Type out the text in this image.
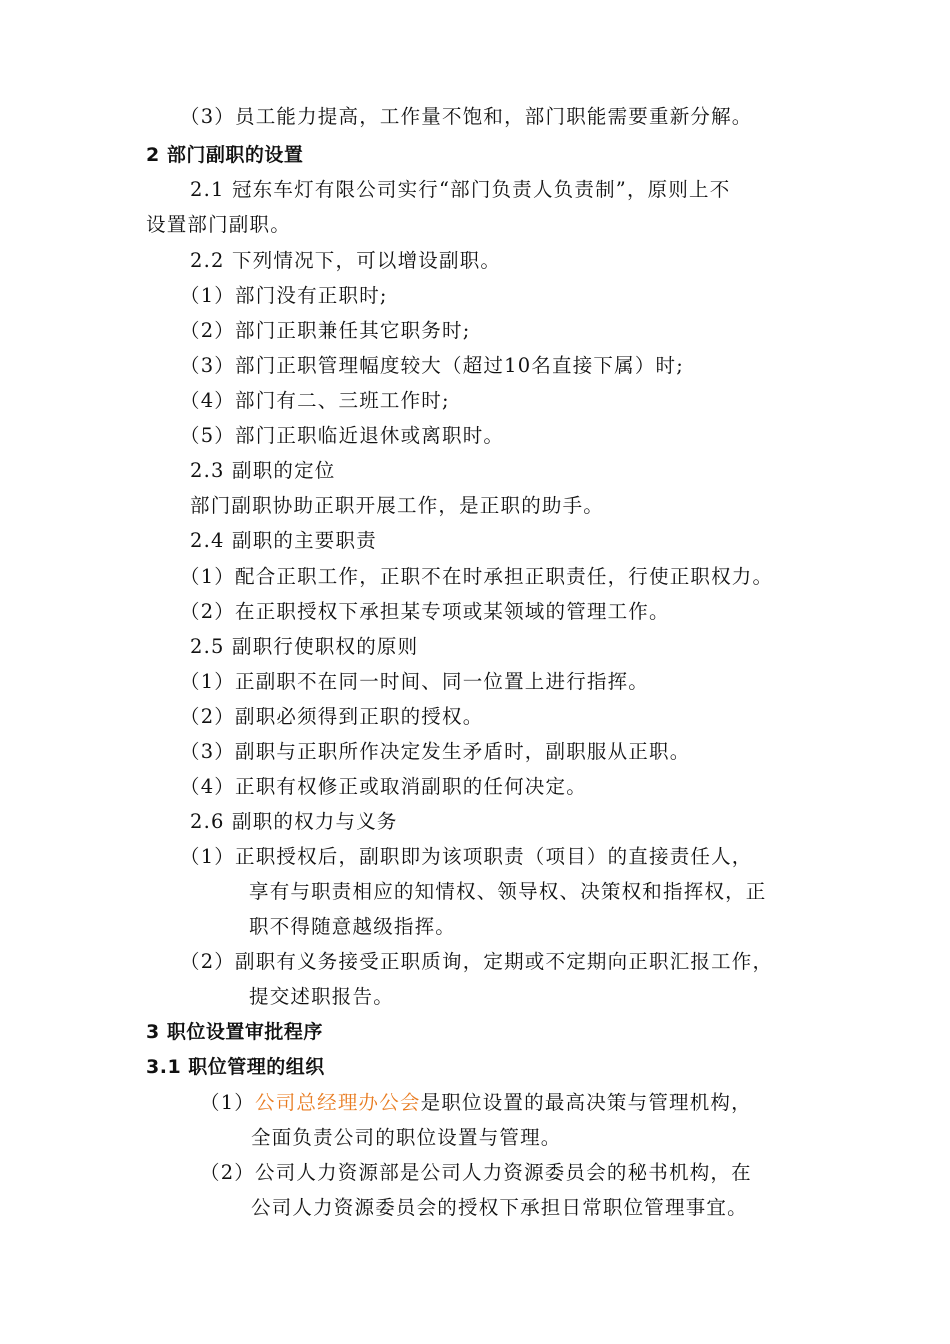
（3）员工能力提高，工作量不饱和，部门职能需要重新分解。
2 部门副职的设置
2.1 冠东车灯有限公司实行“部门负责人负责制”，原则上不
设置部门副职。
2.2 下列情况下，可以增设副职。
（1）部门没有正职时;
（2）部门正职兼任其它职务时;
（3）部门正职管理幅度较大（超过10名直接下属）时;
（4）部门有二、三班工作时;
（5）部门正职临近退休或离职时。
2.3 副职的定位
部门副职协助正职开展工作，是正职的助手。
2.4 副职的主要职责
（1）配合正职工作，正职不在时承担正职责任，行使正职权力。
（2）在正职授权下承担某专项或某领域的管理工作。
2.5 副职行使职权的原则
（1）正副职不在同一时间、同一位置上进行指挥。
（2）副职必须得到正职的授权。
（3）副职与正职所作决定发生矛盾时，副职服从正职。
（4）正职有权修正或取消副职的任何决定。
2.6 副职的权力与义务
（1）正职授权后，副职即为该项职责（项目）的直接责任人，
享有与职责相应的知情权、领导权、决策权和指挥权，正
职不得随意越级指挥。
（2）副职有义务接受正职质询，定期或不定期向正职汇报工作，
提交述职报告。
3 职位设置审批程序
3.1 职位管理的组织
（1）公司总经理办公会是职位设置的最高决策与管理机构，
全面负责公司的职位设置与管理。
（2）公司人力资源部是公司人力资源委员会的秘书机构，在
公司人力资源委员会的授权下承担日常职位管理事宜。
